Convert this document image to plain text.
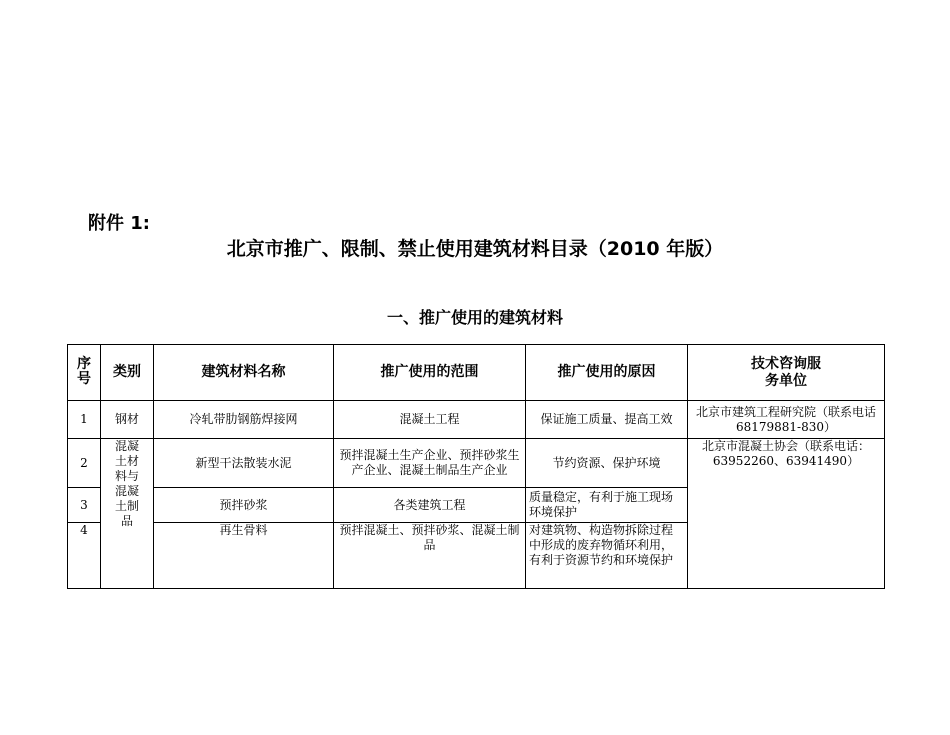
附件 1:
北京市推广、限制、禁止使用建筑材料目录（2010 年版）
一、推广使用的建筑材料
序号	类别	建筑材料名称	推广使用的范围	推广使用的原因	技术咨询服务单位
1	钢材	冷轧带肋钢筋焊接网	混凝土工程	保证施工质量、提高工效	北京市建筑工程研究院（联系电话 68179881-830）
2	混凝土材料与混凝土制品	新型干法散装水泥	预拌混凝土生产企业、预拌砂浆生产企业、混凝土制品生产企业	节约资源、保护环境	北京市混凝土协会（联系电话：63952260、63941490）
3		预拌砂浆	各类建筑工程	质量稳定，有利于施工现场环境保护	
4		再生骨料	预拌混凝土、预拌砂浆、混凝土制品	对建筑物、构造物拆除过程中形成的废弃物循环利用，有利于资源节约和环境保护	
